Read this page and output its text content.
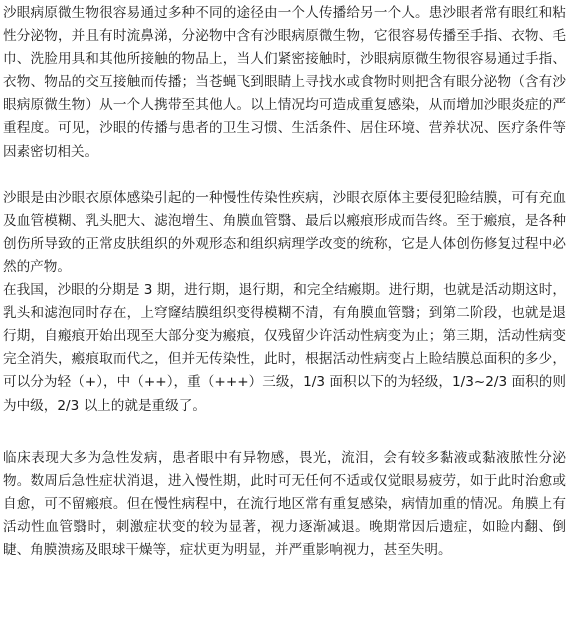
沙眼病原微生物很容易通过多种不同的途径由一个人传播给另一个人。患沙眼者常有眼红和粘性分泌物，并且有时流鼻涕，分泌物中含有沙眼病原微生物，它很容易传播至手指、衣物、毛巾、洗脸用具和其他所接触的物品上，当人们紧密接触时，沙眼病原微生物很容易通过手指、衣物、物品的交互接触而传播；当苍蝇飞到眼睛上寻找水或食物时则把含有眼分泌物（含有沙眼病原微生物）从一个人携带至其他人。以上情况均可造成重复感染，从而增加沙眼炎症的严重程度。可见，沙眼的传播与患者的卫生习惯、生活条件、居住环境、营养状况、医疗条件等因素密切相关。

沙眼是由沙眼衣原体感染引起的一种慢性传染性疾病，沙眼衣原体主要侵犯睑结膜，可有充血及血管模糊、乳头肥大、滤泡增生、角膜血管翳、最后以瘢痕形成而告终。至于瘢痕，是各种创伤所导致的正常皮肤组织的外观形态和组织病理学改变的统称，它是人体创伤修复过程中必然的产物。

在我国，沙眼的分期是 3 期，进行期，退行期，和完全结瘢期。进行期，也就是活动期这时，乳头和滤泡同时存在，上穹窿结膜组织变得模糊不清，有角膜血管翳；到第二阶段，也就是退行期，自瘢痕开始出现至大部分变为瘢痕，仅残留少许活动性病变为止；第三期，活动性病变完全消失，瘢痕取而代之，但并无传染性，此时，根据活动性病变占上睑结膜总面积的多少，可以分为轻（+），中（++），重（+++）三级，1/3 面积以下的为轻级，1/3~2/3 面积的则为中级，2/3 以上的就是重级了。

临床表现大多为急性发病，患者眼中有异物感，畏光，流泪，会有较多黏液或黏液脓性分泌物。数周后急性症状消退，进入慢性期，此时可无任何不适或仅觉眼易疲劳，如于此时治愈或自愈，可不留瘢痕。但在慢性病程中，在流行地区常有重复感染，病情加重的情况。角膜上有活动性血管翳时，刺激症状变的较为显著，视力逐渐减退。晚期常因后遗症，如睑内翻、倒睫、角膜溃疡及眼球干燥等，症状更为明显，并严重影响视力，甚至失明。
